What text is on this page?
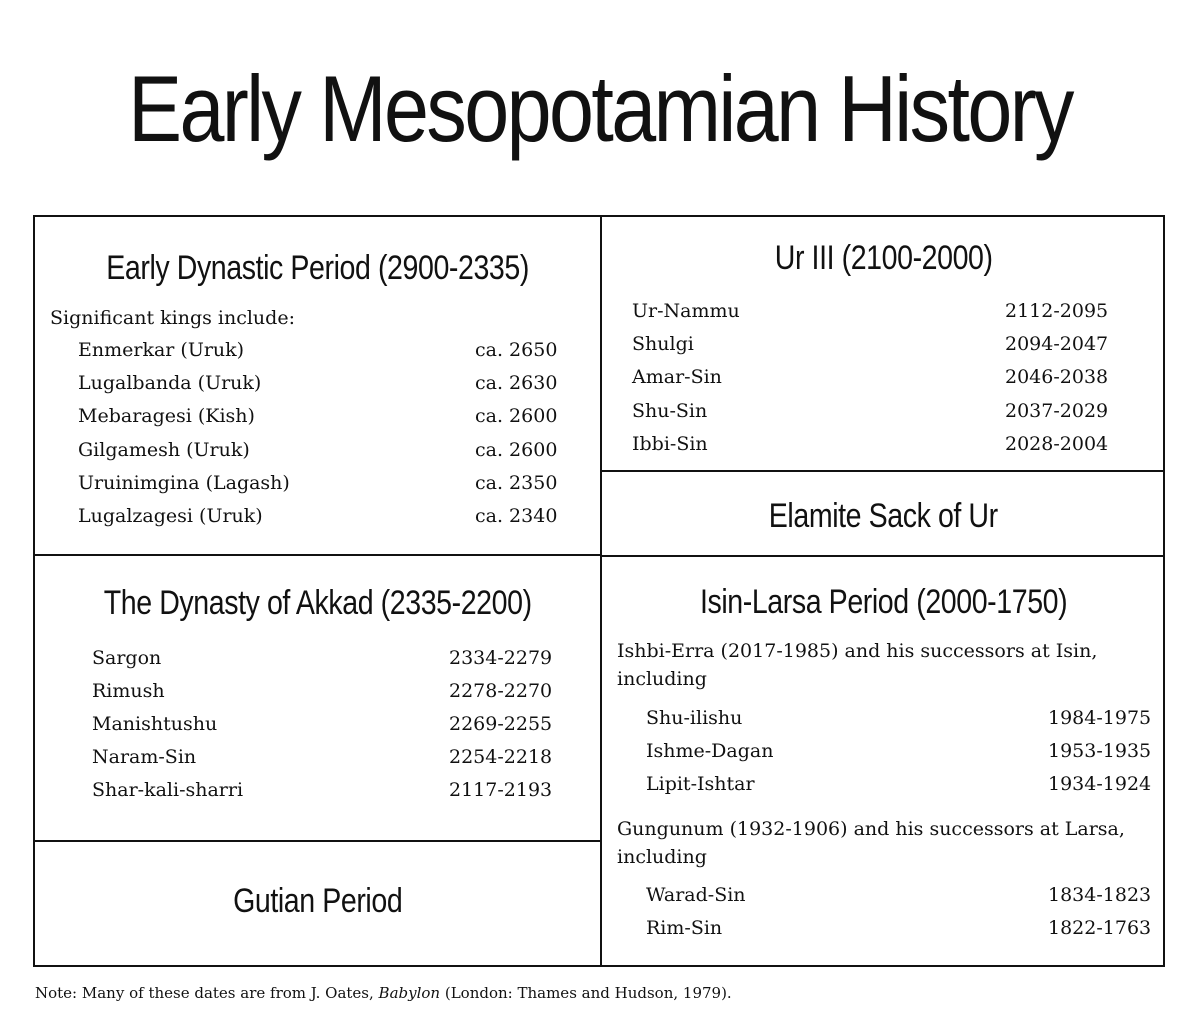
Early Mesopotamian History
Early Dynastic Period (2900-2335)
Significant kings include:
Enmerkar (Uruk)	ca. 2650
Lugalbanda (Uruk)	ca. 2630
Mebaragesi (Kish)	ca. 2600
Gilgamesh (Uruk)	ca. 2600
Uruinimgina (Lagash)	ca. 2350
Lugalzagesi (Uruk)	ca. 2340
Ur III (2100-2000)
Ur-Nammu	2112-2095
Shulgi	2094-2047
Amar-Sin	2046-2038
Shu-Sin	2037-2029
Ibbi-Sin	2028-2004
Elamite Sack of Ur
The Dynasty of Akkad (2335-2200)
Sargon	2334-2279
Rimush	2278-2270
Manishtushu	2269-2255
Naram-Sin	2254-2218
Shar-kali-sharri	2117-2193
Gutian Period
Isin-Larsa Period (2000-1750)
Ishbi-Erra (2017-1985) and his successors at Isin,
including
Shu-ilishu	1984-1975
Ishme-Dagan	1953-1935
Lipit-Ishtar	1934-1924
Gungunum (1932-1906) and his successors at Larsa,
including
Warad-Sin	1834-1823
Rim-Sin	1822-1763
Note: Many of these dates are from J. Oates, Babylon (London: Thames and Hudson, 1979).
